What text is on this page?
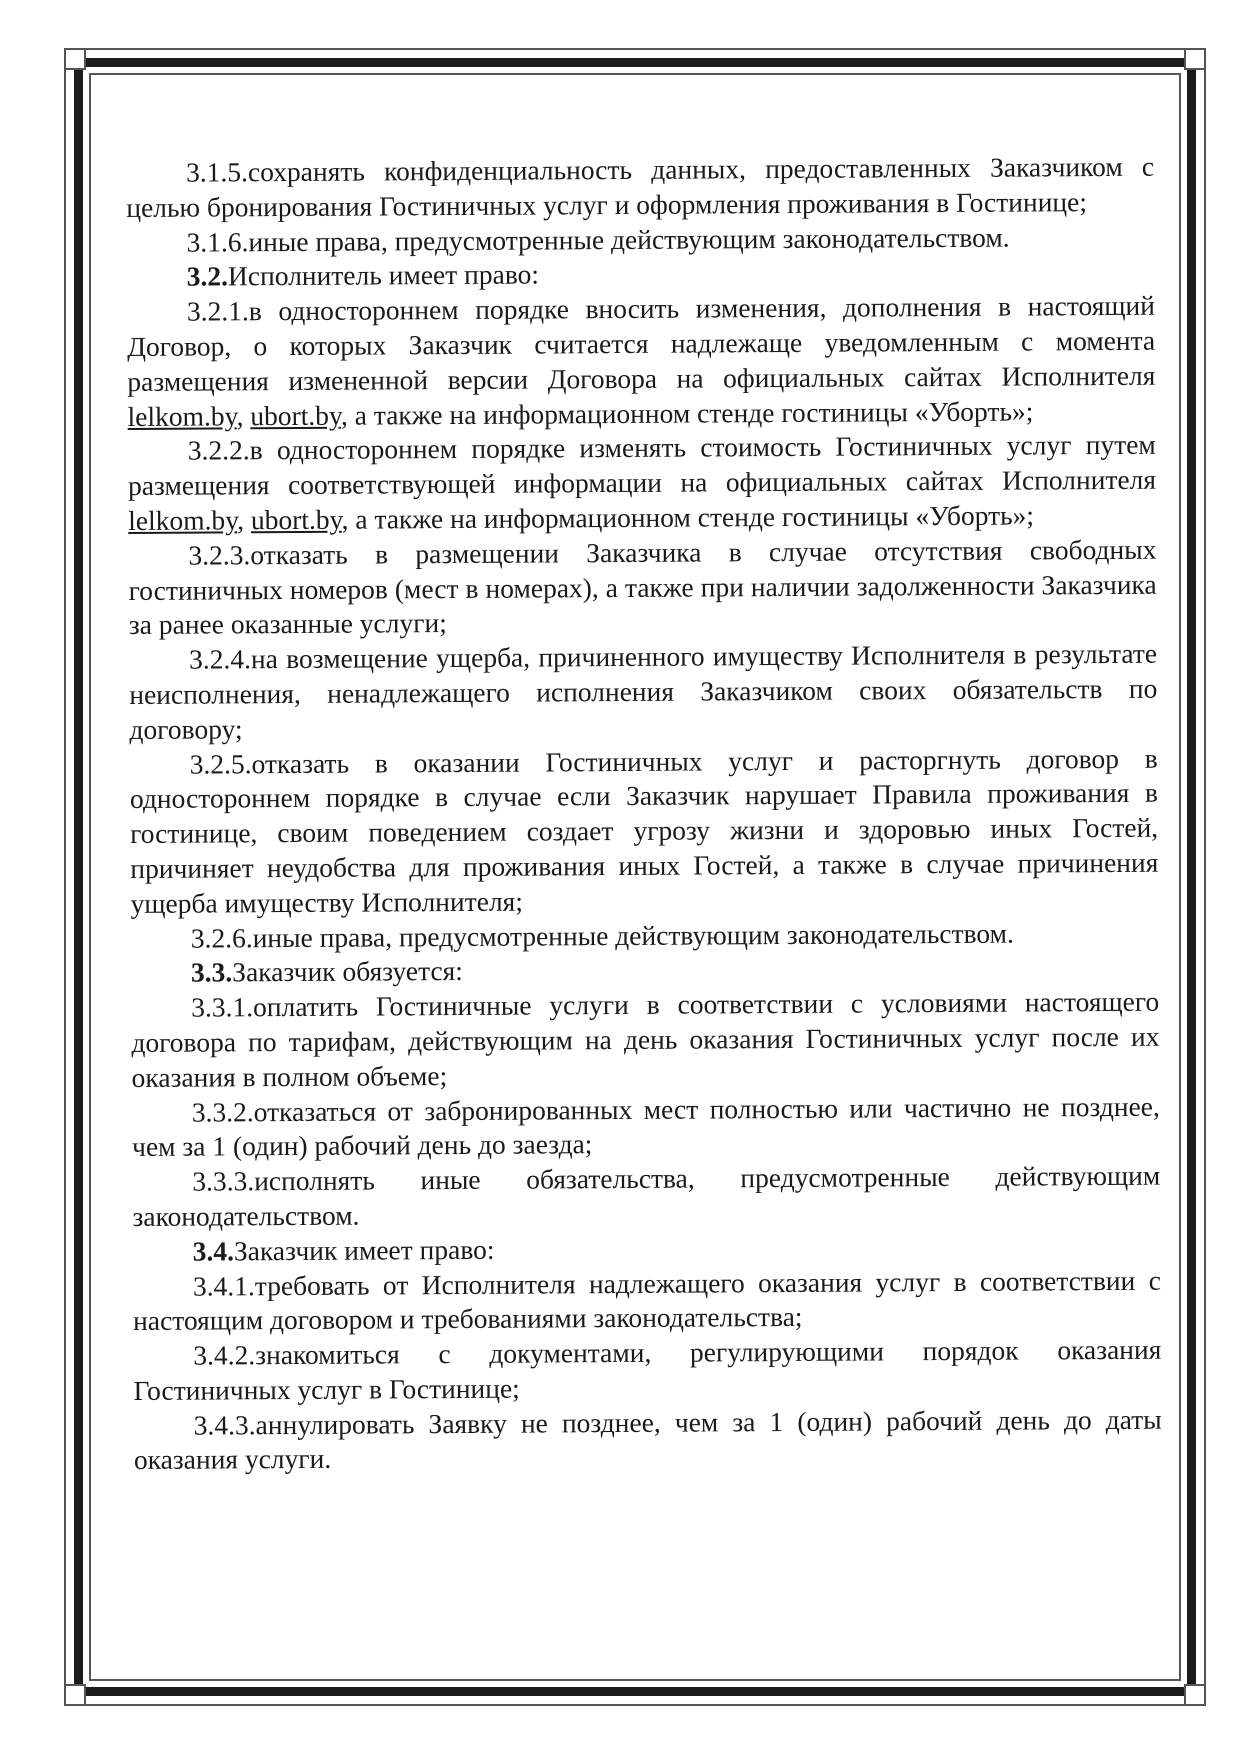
3.1.5.сохранять конфиденциальность данных, предоставленных Заказчиком с целью бронирования Гостиничных услуг и оформления проживания в Гостинице;

3.1.6.иные права, предусмотренные действующим законодательством.

3.2.Исполнитель имеет право:

3.2.1.в одностороннем порядке вносить изменения, дополнения в настоящий Договор, о которых Заказчик считается надлежаще уведомленным с момента размещения измененной версии Договора на официальных сайтах Исполнителя lelkom.by, ubort.by, а также на информационном стенде гостиницы «Уборть»;

3.2.2.в одностороннем порядке изменять стоимость Гостиничных услуг путем размещения соответствующей информации на официальных сайтах Исполнителя lelkom.by, ubort.by, а также на информационном стенде гостиницы «Уборть»;

3.2.3.отказать в размещении Заказчика в случае отсутствия свободных гостиничных номеров (мест в номерах), а также при наличии задолженности Заказчика за ранее оказанные услуги;

3.2.4.на возмещение ущерба, причиненного имуществу Исполнителя в результате неисполнения, ненадлежащего исполнения Заказчиком своих обязательств по договору;

3.2.5.отказать в оказании Гостиничных услуг и расторгнуть договор в одностороннем порядке в случае если Заказчик нарушает Правила проживания в гостинице, своим поведением создает угрозу жизни и здоровью иных Гостей, причиняет неудобства для проживания иных Гостей, а также в случае причинения ущерба имуществу Исполнителя;

3.2.6.иные права, предусмотренные действующим законодательством.

3.3.Заказчик обязуется:

3.3.1.оплатить Гостиничные услуги в соответствии с условиями настоящего договора по тарифам, действующим на день оказания Гостиничных услуг после их оказания в полном объеме;

3.3.2.отказаться от забронированных мест полностью или частично не позднее, чем за 1 (один) рабочий день до заезда;

3.3.3.исполнять иные обязательства, предусмотренные действующим законодательством.

3.4.Заказчик имеет право:

3.4.1.требовать от Исполнителя надлежащего оказания услуг в соответствии с настоящим договором и требованиями законодательства;

3.4.2.знакомиться с документами, регулирующими порядок оказания Гостиничных услуг в Гостинице;

3.4.3.аннулировать Заявку не позднее, чем за 1 (один) рабочий день до даты оказания услуги.
